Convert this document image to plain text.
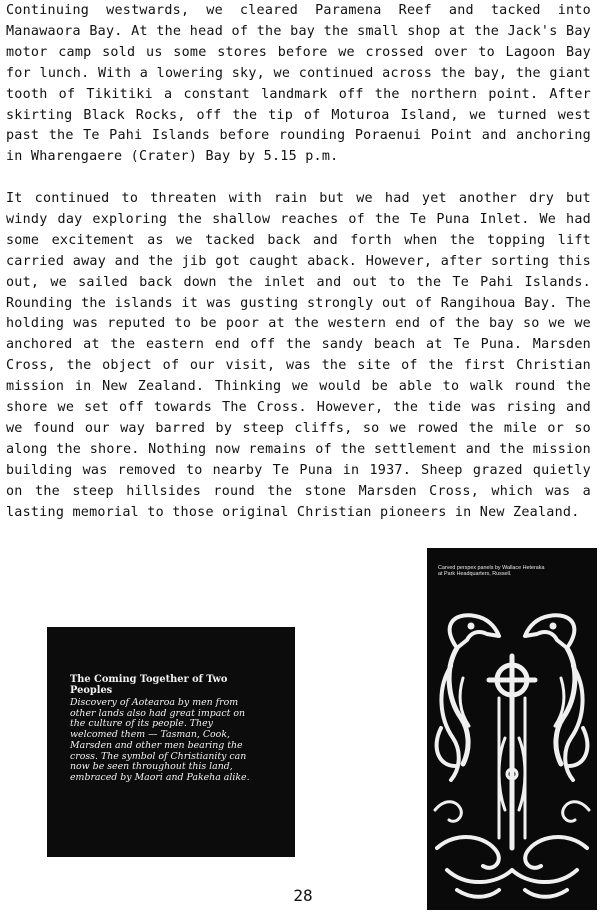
Continuing westwards, we cleared Paramena Reef and tacked into Manawaora Bay. At the head of the bay the small shop at the Jack's Bay motor camp sold us some stores before we crossed over to Lagoon Bay for lunch. With a lowering sky, we continued across the bay, the giant tooth of Tikitiki a constant landmark off the northern point. After skirting Black Rocks, off the tip of Moturoa Island, we turned west past the Te Pahi Islands before rounding Poraenui Point and anchoring in Wharengaere (Crater) Bay by 5.15 p.m.

It continued to threaten with rain but we had yet another dry but windy day exploring the shallow reaches of the Te Puna Inlet. We had some excitement as we tacked back and forth when the topping lift carried away and the jib got caught aback. However, after sorting this out, we sailed back down the inlet and out to the Te Pahi Islands. Rounding the islands it was gusting strongly out of Rangihoua Bay. The holding was reputed to be poor at the western end of the bay so we we anchored at the eastern end off the sandy beach at Te Puna. Marsden Cross, the object of our visit, was the site of the first Christian mission in New Zealand. Thinking we would be able to walk round the shore we set off towards The Cross. However, the tide was rising and we found our way barred by steep cliffs, so we rowed the mile or so along the shore. Nothing now remains of the settlement and the mission building was removed to nearby Te Puna in 1937. Sheep grazed quietly on the steep hillsides round the stone Marsden Cross, which was a lasting memorial to those original Christian pioneers in New Zealand.

The Coming Together of Two Peoples

Discovery of Aotearoa by men from other lands also had great impact on the culture of its people. They welcomed them — Tasman, Cook, Marsden and other men bearing the cross. The symbol of Christianity can now be seen throughout this land, embraced by Maori and Pakeha alike.

Carved perspex panels by Wallace Heteraka at Park Headquarters, Russell.

28
